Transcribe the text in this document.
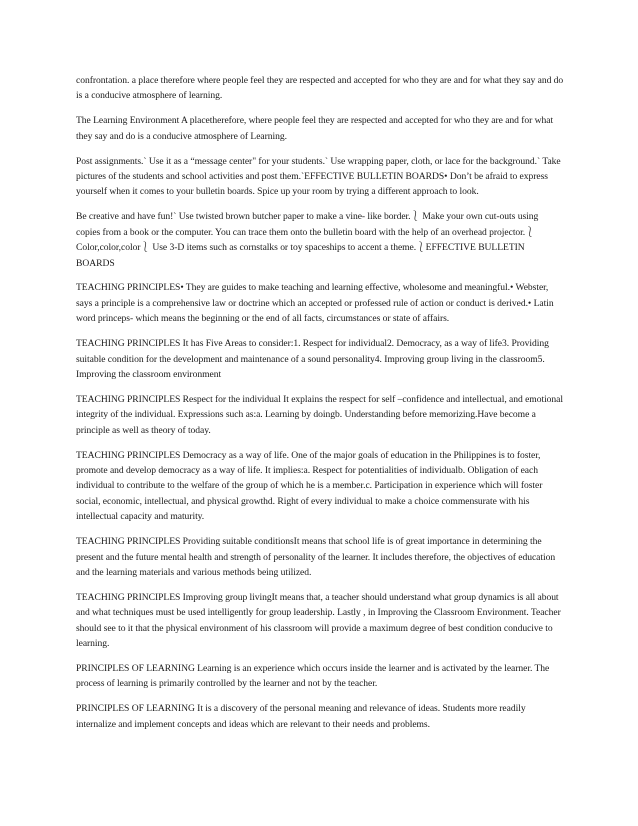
confrontation. a place therefore where people feel they are respected and accepted for who they are and for what they say and do is a conducive atmosphere of learning.

The Learning Environment A placetherefore, where people feel they are respected and accepted for who they are and for what they say and do is a conducive atmosphere of Learning.

Post assignments.` Use it as a “message center" for your students.` Use wrapping paper, cloth, or lace for the background.` Take pictures of the students and school activities and post them.`EFFECTIVE BULLETIN BOARDS• Don’t be afraid to express yourself when it comes to your bulletin boards. Spice up your room by trying a different approach to look.

Be creative and have fun!` Use twisted brown butcher paper to make a vine- like border.⎱ Make your own cut-outs using copies from a book or the computer. You can trace them onto the bulletin board with the help of an overhead projector.⎱ Color,color,color⎱ Use 3-D items such as cornstalks or toy spaceships to accent a theme.⎱EFFECTIVE BULLETIN BOARDS

TEACHING PRINCIPLES• They are guides to make teaching and learning effective, wholesome and meaningful.• Webster, says a principle is a comprehensive law or doctrine which an accepted or professed rule of action or conduct is derived.• Latin word princeps- which means the beginning or the end of all facts, circumstances or state of affairs.

TEACHING PRINCIPLES It has Five Areas to consider:1. Respect for individual2. Democracy, as a way of life3. Providing suitable condition for the development and maintenance of a sound personality4. Improving group living in the classroom5. Improving the classroom environment

TEACHING PRINCIPLES Respect for the individual It explains the respect for self –confidence and intellectual, and emotional integrity of the individual. Expressions such as:a. Learning by doingb. Understanding before memorizing.Have become a principle as well as theory of today.

TEACHING PRINCIPLES Democracy as a way of life. One of the major goals of education in the Philippines is to foster, promote and develop democracy as a way of life. It implies:a. Respect for potentialities of individualb. Obligation of each individual to contribute to the welfare of the group of which he is a member.c. Participation in experience which will foster social, economic, intellectual, and physical growthd. Right of every individual to make a choice commensurate with his intellectual capacity and maturity.

TEACHING PRINCIPLES Providing suitable conditionsIt means that school life is of great importance in determining the present and the future mental health and strength of personality of the learner. It includes therefore, the objectives of education and the learning materials and various methods being utilized.

TEACHING PRINCIPLES Improving group livingIt means that, a teacher should understand what group dynamics is all about and what techniques must be used intelligently for group leadership. Lastly , in Improving the Classroom Environment. Teacher should see to it that the physical environment of his classroom will provide a maximum degree of best condition conducive to learning.

PRINCIPLES OF LEARNING Learning is an experience which occurs inside the learner and is activated by the learner. The process of learning is primarily controlled by the learner and not by the teacher.

PRINCIPLES OF LEARNING It is a discovery of the personal meaning and relevance of ideas. Students more readily internalize and implement concepts and ideas which are relevant to their needs and problems.
